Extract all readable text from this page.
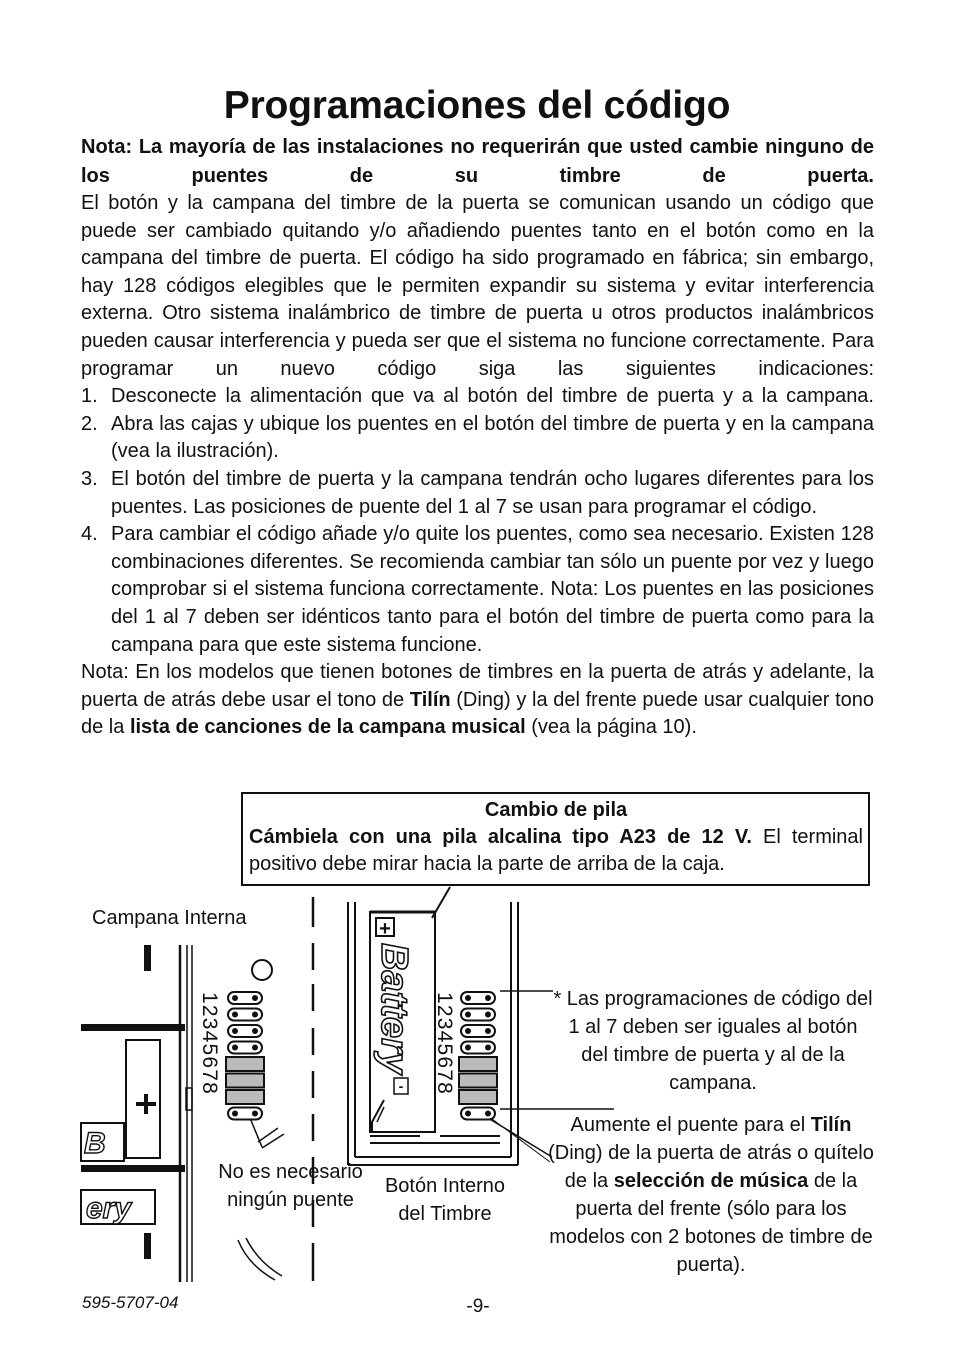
Programaciones del código

Nota: La mayoría de las instalaciones no requerirán que usted cambie ninguno de los puentes de su timbre de puerta.

El botón y la campana del timbre de la puerta se comunican usando un código que puede ser cambiado quitando y/o añadiendo puentes tanto en el botón como en la campana del timbre de puerta. El código ha sido programado en fábrica; sin embargo, hay 128 códigos elegibles que le permiten expandir su sistema y evitar interferencia externa. Otro sistema inalámbrico de timbre de puerta u otros productos inalámbricos pueden causar interferencia y pueda ser que el sistema no funcione correctamente. Para programar un nuevo código siga las siguientes indicaciones:

1. Desconecte la alimentación que va al botón del timbre de puerta y a la campana.
2. Abra las cajas y ubique los puentes en el botón del timbre de puerta y en la campana (vea la ilustración).
3. El botón del timbre de puerta y la campana tendrán ocho lugares diferentes para los puentes. Las posiciones de puente del 1 al 7 se usan para programar el código.
4. Para cambiar el código añade y/o quite los puentes, como sea necesario. Existen 128 combinaciones diferentes. Se recomienda cambiar tan sólo un puente por vez y luego comprobar si el sistema funciona correctamente. Nota: Los puentes en las posiciones del 1 al 7 deben ser idénticos tanto para el botón del timbre de puerta como para la campana para que este sistema funcione.

Nota: En los modelos que tienen botones de timbres en la puerta de atrás y adelante, la puerta de atrás debe usar el tono de Tilín (Ding) y la del frente puede usar cualquier tono de la lista de canciones de la campana musical (vea la página 10).

Cambio de pila
Cámbiela con una pila alcalina tipo A23 de 12 V. El terminal positivo debe mirar hacia la parte de arriba de la caja.
12345678	12345678
Battery
+
-
ery
B
Campana Interna
No es necesario ningún puente
Botón Interno del Timbre
* Las programaciones de código del 1 al 7 deben ser iguales al botón del timbre de puerta y al de la campana.
Aumente el puente para el Tilín (Ding) de la puerta de atrás o quítelo de la selección de música de la puerta del frente (sólo para los modelos con 2 botones de timbre de puerta).
595-5707-04	-9-
